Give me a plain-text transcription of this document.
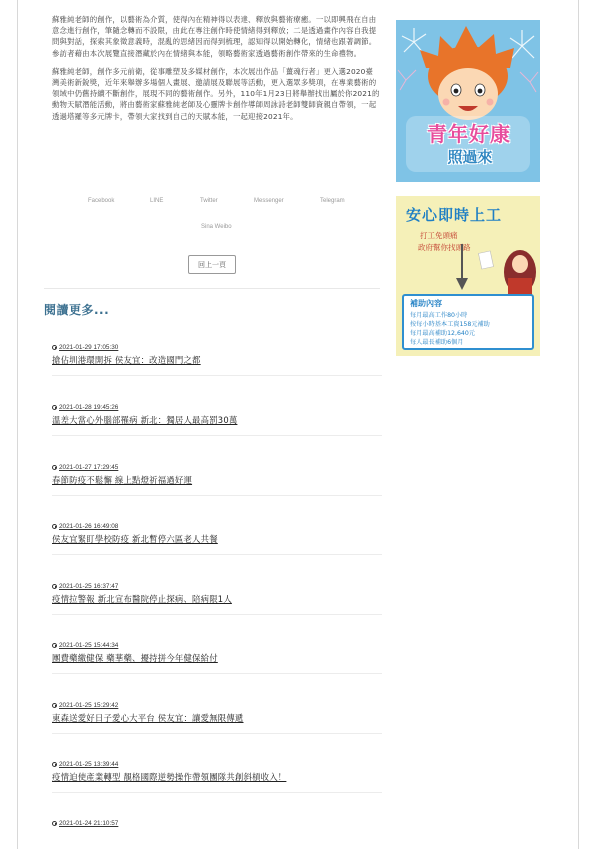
蘇雅純老師的創作，以藝術為介質，使得內在精神得以表達、釋放與藝術療癒。一以即興飛在自由意念進行創作，筆隨念轉而不設限，由此在專注創作時使情緒得到釋放；二是透過畫作內容自我提問與對話，探索其象徵意義時，混亂的思緒因而得到梳理，認知得以開始轉化，情緒也跟著調節。參訪者藉由本次展覽直接潛藏於內在情緒與本能，領略藝術家透過藝術創作帶來的生命禮物。

蘇雅純老師，創作多元前衛，從事雕塑及多媒材創作，本次展出作品「薑魂行者」更入選2020臺灣美術新銳獎，近年來舉辦多場個人畫展、邀請展及聯展等活動，更入選眾多獎項，在專業藝術的領域中仍舊持續不斷創作，展現不同的藝術創作。另外，110年1月23日將舉辦找出屬於你2021的動物天賦潛能活動，將由藝術家蘇雅純老師及心靈牌卡創作導師周詠詩老師雙師資親自帶領，一起透過塔羅等多元牌卡，帶領大家找到自己的天賦本能，一起迎接2021年。

Facebook	LINE	Twitter	Messenger	Telegram
Sina Weibo
回上一頁
閱讀更多...
2021-01-29 17:05:30
搶佔圳港環開拆 侯友宜：改造國門之都
2021-01-28 19:45:26
溫差大當心外腦部罹病 新北：獨居人最高罰30萬
2021-01-27 17:29:45
春節防疫不鬆懈 線上點燈祈福過好運
2021-01-26 16:49:08
侯友宜緊盯學校防疫 新北暫停六區老人共餐
2021-01-25 16:37:47
疫情拉警報 新北宣布醫院停止探病、陪病限1人
2021-01-25 15:44:34
團費藥繳健保 藥華藥、擾持拼今年健保給付
2021-01-25 15:29:42
東森送愛好日子愛心大平台 侯友宜：讓愛無限傳遞
2021-01-25 13:39:44
疫情迫使產業轉型 靚格國際逆勢操作帶領團隊共創斜槓收入！
2021-01-24 21:10:57
青年好康
照過來
安心即時上工
打工免頭痛
政府幫你找頭路
補助內容
每月最高工作80小時
按每小時基本工資158元補助
每月最高補助12,640元
每人最長補助6個月
